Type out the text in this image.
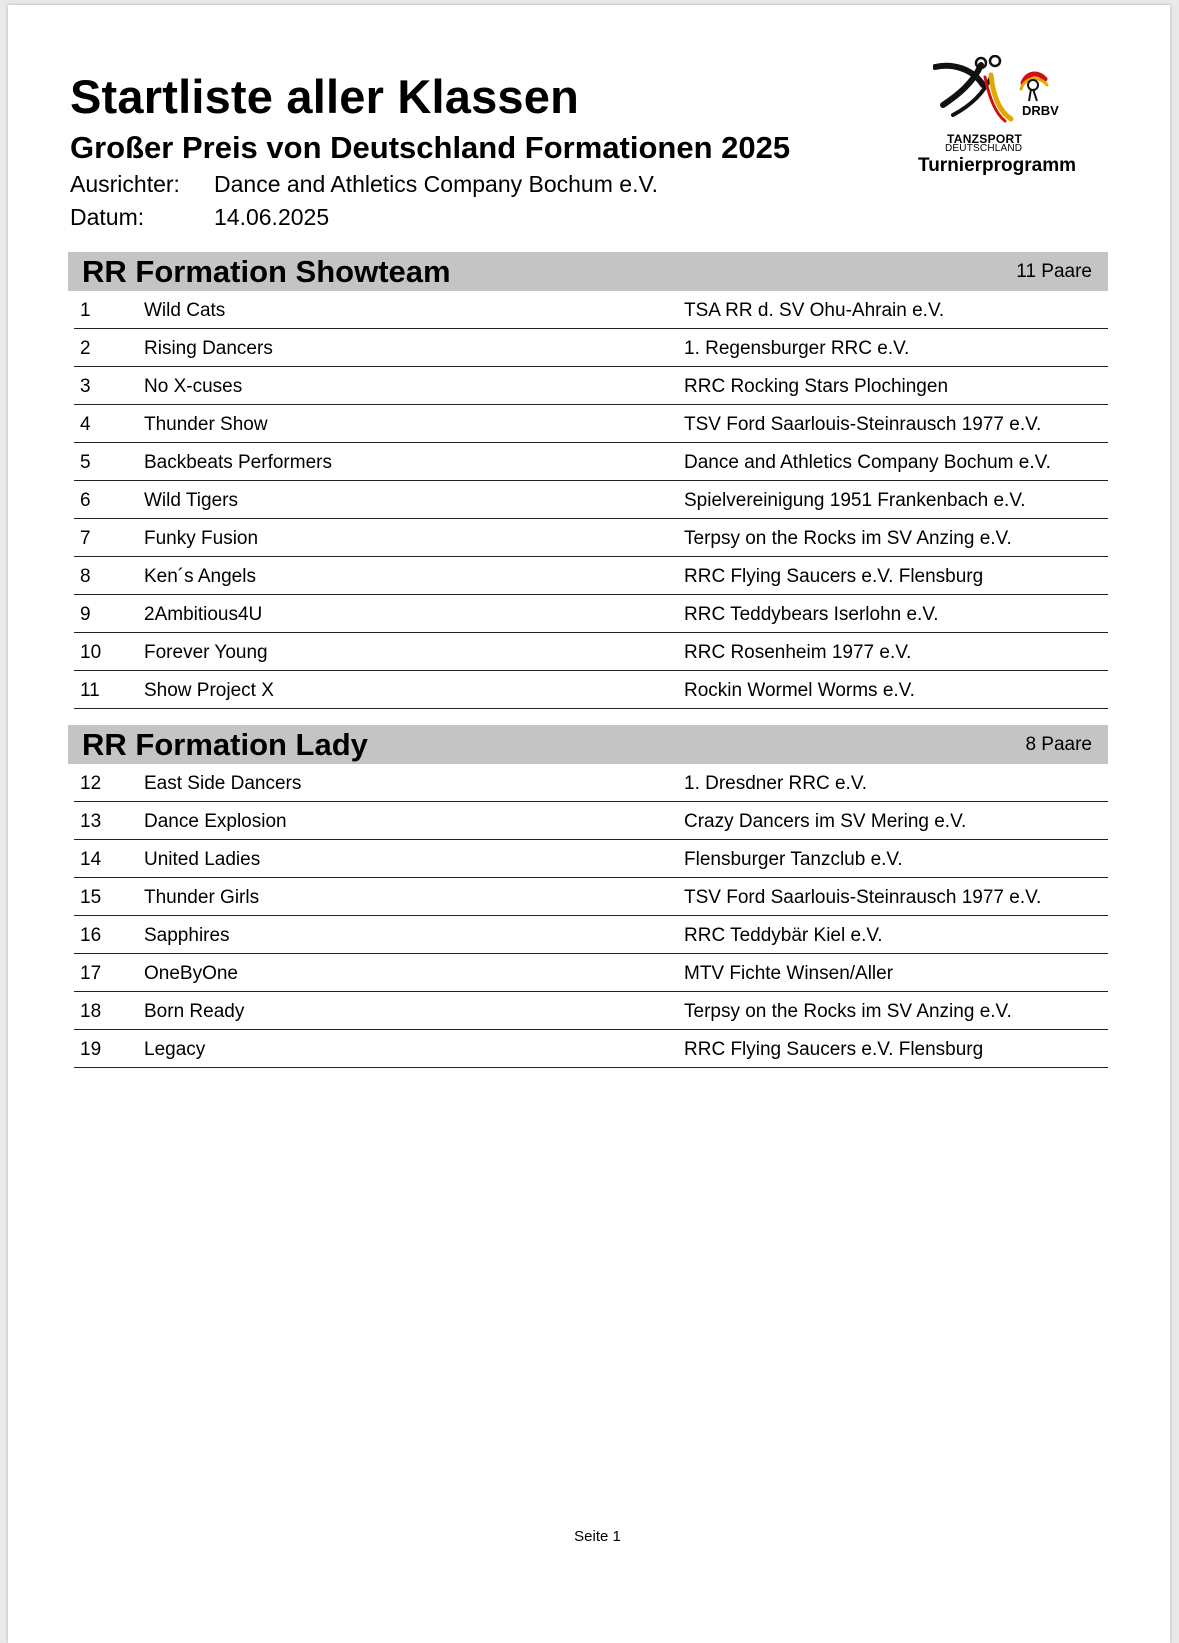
Startliste aller Klassen
Großer Preis von Deutschland Formationen 2025
Ausrichter: Dance and Athletics Company Bochum e.V.
Datum:	14.06.2025
DRBV
TANZSPORT
DEUTSCHLAND
Turnierprogramm
RR Formation Showteam	11 Paare
1	Wild Cats	TSA RR d. SV Ohu-Ahrain e.V.
2	Rising Dancers	1. Regensburger RRC e.V.
3	No X-cuses	RRC Rocking Stars Plochingen
4	Thunder Show	TSV Ford Saarlouis-Steinrausch 1977 e.V.
5	Backbeats Performers	Dance and Athletics Company Bochum e.V.
6	Wild Tigers	Spielvereinigung 1951 Frankenbach e.V.
7	Funky Fusion	Terpsy on the Rocks im SV Anzing e.V.
8	Ken´s Angels	RRC Flying Saucers e.V. Flensburg
9	2Ambitious4U	RRC Teddybears Iserlohn e.V.
10 Forever Young	RRC Rosenheim 1977 e.V.
11 Show Project X	Rockin Wormel Worms e.V.
RR Formation Lady	8 Paare
12 East Side Dancers	1. Dresdner RRC e.V.
13 Dance Explosion	Crazy Dancers im SV Mering e.V.
14 United Ladies	Flensburger Tanzclub e.V.
15 Thunder Girls	TSV Ford Saarlouis-Steinrausch 1977 e.V.
16 Sapphires	RRC Teddybär Kiel e.V.
17 OneByOne	MTV Fichte Winsen/Aller
18 Born Ready	Terpsy on the Rocks im SV Anzing e.V.
19 Legacy	RRC Flying Saucers e.V. Flensburg
Seite 1
